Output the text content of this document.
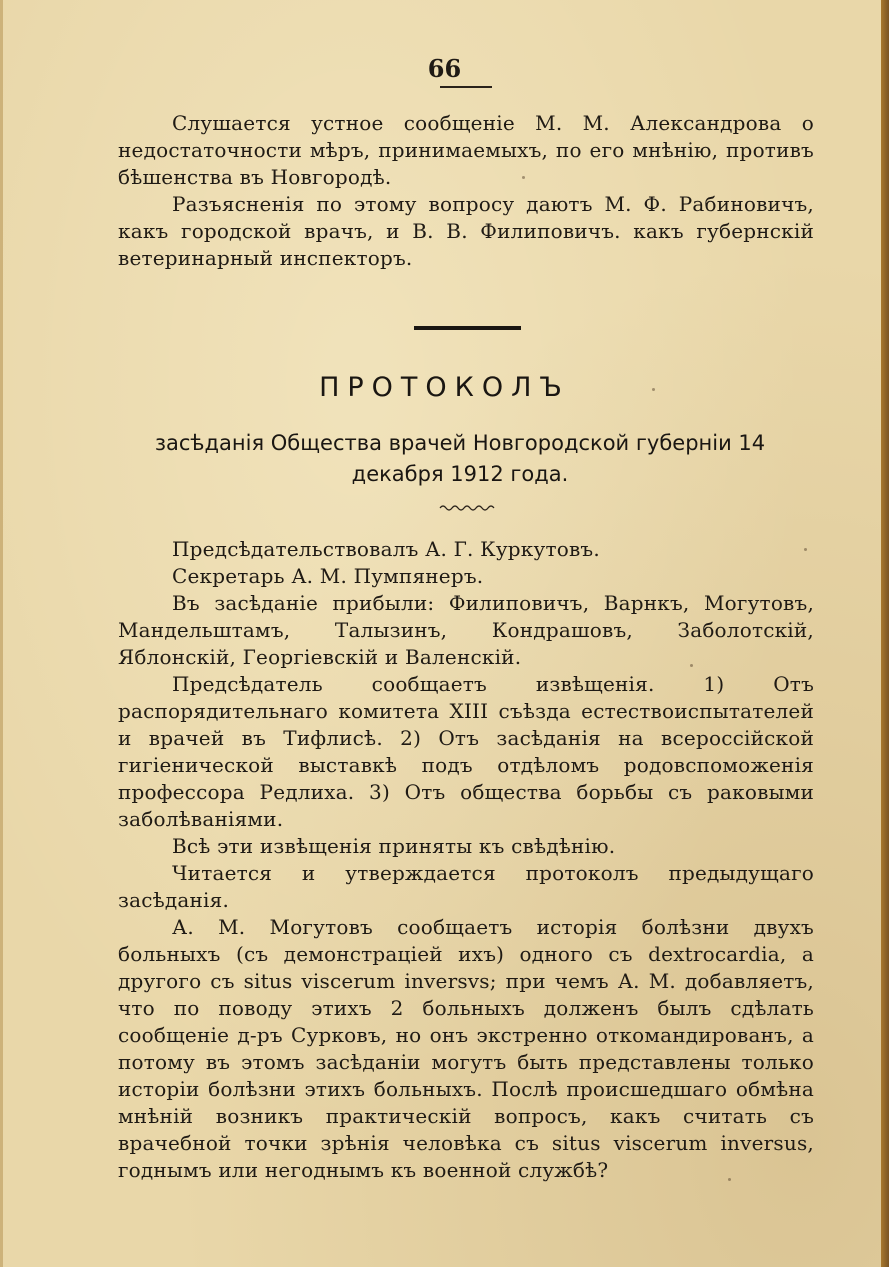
66

Слушается устное сообщеніе М. М. Александрова о недостаточности мѣръ, принимаемыхъ, по его мнѣнію, противъ бѣшенства въ Новгородѣ.

Разъясненія по этому вопросу даютъ М. Ф. Рабиновичъ, какъ городской врачъ, и В. В. Филиповичъ. какъ губернскій ветеринарный инспекторъ.

ПРОТОКОЛЪ
засѣданія Общества врачей Новгородской губерніи 14 декабря 1912 года.

Предсѣдательствовалъ А. Г. Куркутовъ.

Секретарь А. М. Пумпянеръ.

Въ засѣданіе прибыли: Филиповичъ, Варнкъ, Могутовъ, Мандельштамъ, Талызинъ, Кондрашовъ, Заболотскій, Яблонскій, Георгіевскій и Валенскій.

Предсѣдатель сообщаетъ извѣщенія. 1) Отъ распорядительнаго комитета XIII съѣзда естествоиспытателей и врачей въ Тифлисѣ. 2) Отъ засѣданія на всероссійской гигіенической выставкѣ подъ отдѣломъ родовспоможенія профессора Редлиха. 3) Отъ общества борьбы съ раковыми заболѣваніями.

Всѣ эти извѣщенія приняты къ свѣдѣнію.

Читается и утверждается протоколъ предыдущаго засѣданія.

А. М. Могутовъ сообщаетъ исторія болѣзни двухъ больныхъ (съ демонстраціей ихъ) одного съ dextrocardia, а другого съ situs viscerum inversvs; при чемъ А. М. добавляетъ, что по поводу этихъ 2 больныхъ долженъ былъ сдѣлать сообщеніе д-ръ Сурковъ, но онъ экстренно откомандированъ, а потому въ этомъ засѣданіи могутъ быть представлены только исторіи болѣзни этихъ больныхъ. Послѣ происшедшаго обмѣна мнѣній возникъ практическій вопросъ, какъ считать съ врачебной точки зрѣнія человѣка съ situs viscerum inversus, годнымъ или негоднымъ къ военной службѣ?
